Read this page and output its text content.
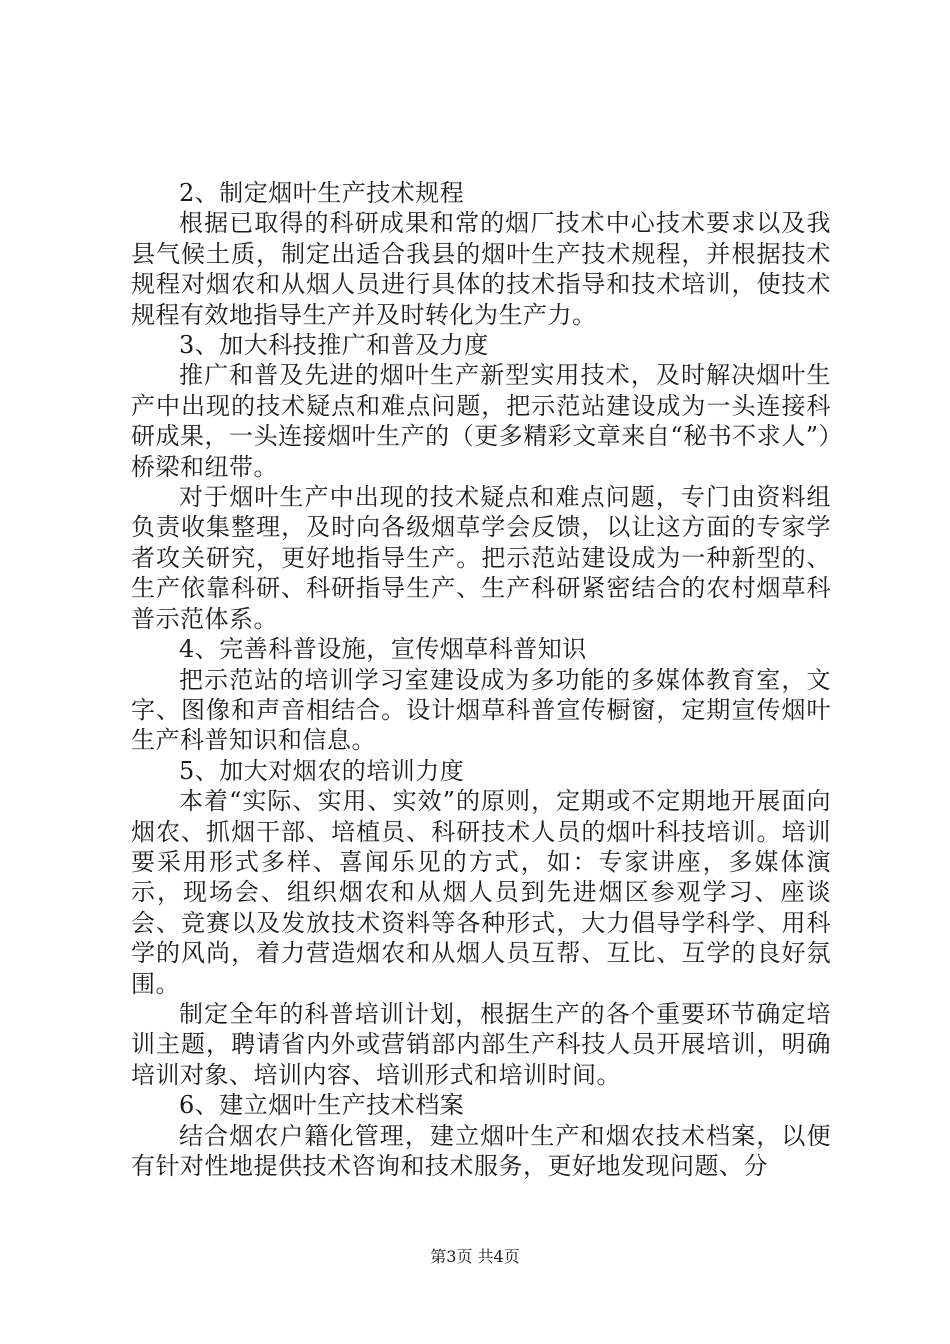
2、制定烟叶生产技术规程

根据已取得的科研成果和常的烟厂技术中心技术要求以及我县气候土质，制定出适合我县的烟叶生产技术规程，并根据技术规程对烟农和从烟人员进行具体的技术指导和技术培训，使技术规程有效地指导生产并及时转化为生产力。

3、加大科技推广和普及力度

推广和普及先进的烟叶生产新型实用技术，及时解决烟叶生产中出现的技术疑点和难点问题，把示范站建设成为一头连接科研成果，一头连接烟叶生产的（更多精彩文章来自“秘书不求人”）桥梁和纽带。

对于烟叶生产中出现的技术疑点和难点问题，专门由资料组负责收集整理，及时向各级烟草学会反馈，以让这方面的专家学者攻关研究，更好地指导生产。把示范站建设成为一种新型的、生产依靠科研、科研指导生产、生产科研紧密结合的农村烟草科普示范体系。

4、完善科普设施，宣传烟草科普知识

把示范站的培训学习室建设成为多功能的多媒体教育室，文字、图像和声音相结合。设计烟草科普宣传橱窗，定期宣传烟叶生产科普知识和信息。

5、加大对烟农的培训力度

本着“实际、实用、实效”的原则，定期或不定期地开展面向烟农、抓烟干部、培植员、科研技术人员的烟叶科技培训。培训要采用形式多样、喜闻乐见的方式，如：专家讲座，多媒体演示，现场会、组织烟农和从烟人员到先进烟区参观学习、座谈会、竞赛以及发放技术资料等各种形式，大力倡导学科学、用科学的风尚，着力营造烟农和从烟人员互帮、互比、互学的良好氛围。

制定全年的科普培训计划，根据生产的各个重要环节确定培训主题，聘请省内外或营销部内部生产科技人员开展培训，明确培训对象、培训内容、培训形式和培训时间。

6、建立烟叶生产技术档案

结合烟农户籍化管理，建立烟叶生产和烟农技术档案，以便有针对性地提供技术咨询和技术服务，更好地发现问题、分

第3页 共4页
